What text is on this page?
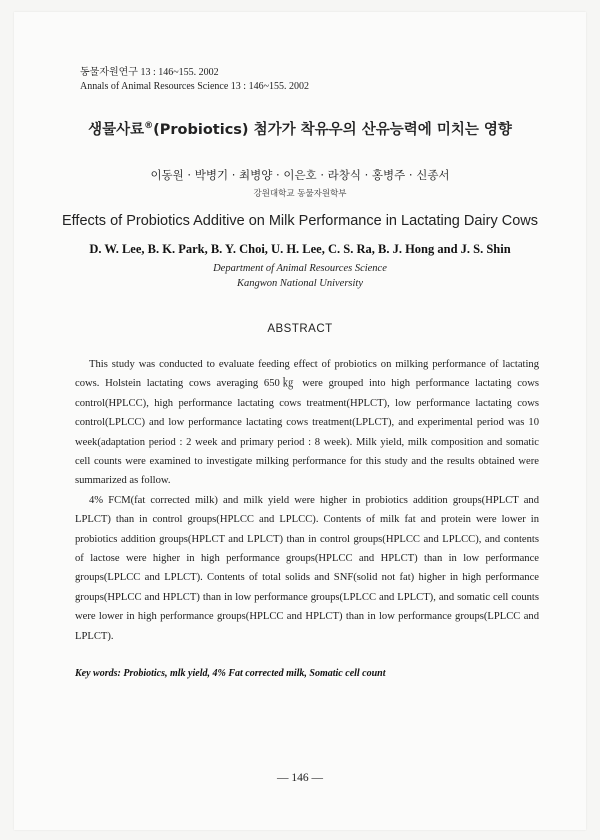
동물자원연구 13 : 146~155. 2002
Annals of Animal Resources Science 13 : 146~155. 2002
생물사료®(Probiotics) 첨가가 착유우의 산유능력에 미치는 영향
이동원 · 박병기 · 최병양 · 이은호 · 라창식 · 홍병주 · 신종서
강원대학교 동물자원학부
Effects of Probiotics Additive on Milk Performance in Lactating Dairy Cows
D. W. Lee, B. K. Park, B. Y. Choi, U. H. Lee, C. S. Ra, B. J. Hong and J. S. Shin
Department of Animal Resources Science
Kangwon National University
ABSTRACT

This study was conducted to evaluate feeding effect of probiotics on milking performance of lactating cows. Holstein lactating cows averaging 650㎏ were grouped into high performance lactating cows control(HPLCC), high performance lactating cows treatment(HPLCT), low performance lactating cows control(LPLCC) and low performance lactating cows treatment(LPLCT), and experimental period was 10 week(adaptation period : 2 week and primary period : 8 week). Milk yield, milk composition and somatic cell counts were examined to investigate milking performance for this study and the results obtained were summarized as follow.

4% FCM(fat corrected milk) and milk yield were higher in probiotics addition groups(HPLCT and LPLCT) than in control groups(HPLCC and LPLCC). Contents of milk fat and protein were lower in probiotics addition groups(HPLCT and LPLCT) than in control groups(HPLCC and LPLCC), and contents of lactose were higher in high performance groups(HPLCC and HPLCT) than in low performance groups(LPLCC and LPLCT). Contents of total solids and SNF(solid not fat) higher in high performance groups(HPLCC and HPLCT) than in low performance groups(LPLCC and LPLCT), and somatic cell counts were lower in high performance groups(HPLCC and HPLCT) than in low performance groups(LPLCC and LPLCT).

Key words: Probiotics, mlk yield, 4% Fat corrected milk, Somatic cell count
― 146 ―
